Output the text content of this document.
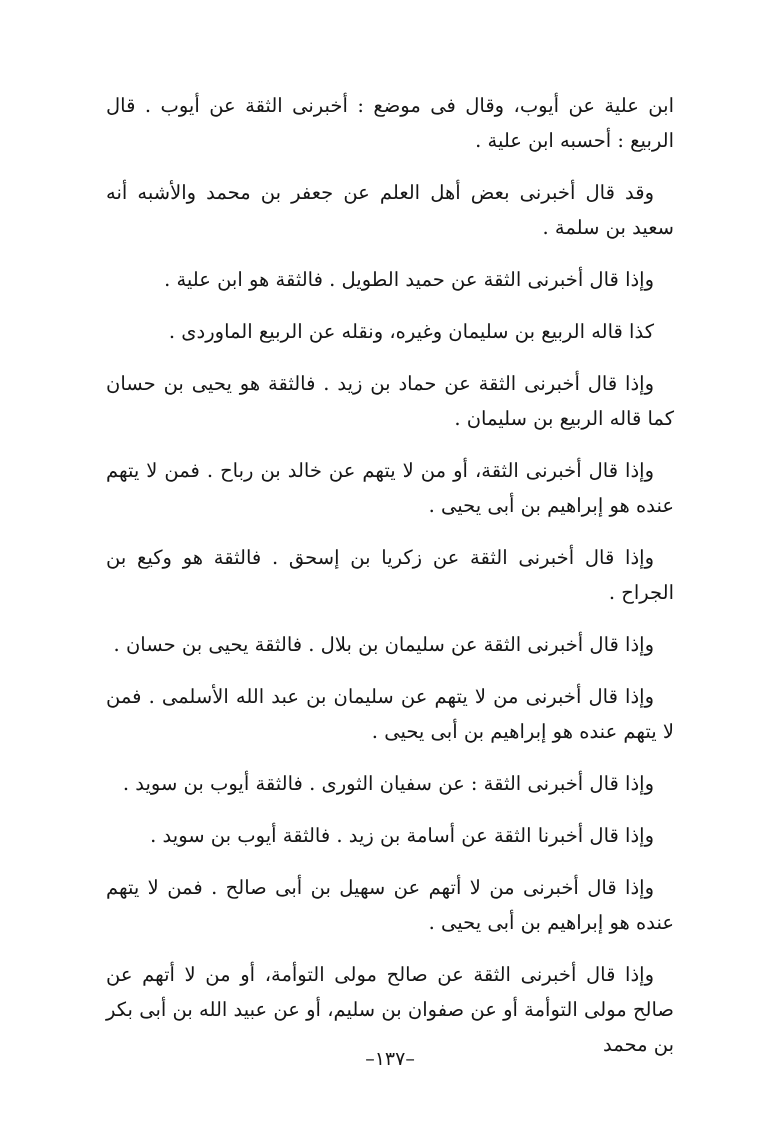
ابن علية عن أيوب، وقال فى موضع : أخبرنى الثقة عن أيوب . قال الربيع : أحسبه ابن علية .

وقد قال أخبرنى بعض أهل العلم عن جعفر بن محمد والأشبه أنه سعيد بن سلمة .

وإذا قال أخبرنى الثقة عن حميد الطويل . فالثقة هو ابن علية .

كذا قاله الربيع بن سليمان وغيره، ونقله عن الربيع الماوردى .

وإذا قال أخبرنى الثقة عن حماد بن زيد . فالثقة هو يحيى بن حسان كما قاله الربيع بن سليمان .

وإذا قال أخبرنى الثقة، أو من لا يتهم عن خالد بن رباح . فمن لا يتهم عنده هو إبراهيم بن أبى يحيى .

وإذا قال أخبرنى الثقة عن زكريا بن إسحق . فالثقة هو وكيع بن الجراح .

وإذا قال أخبرنى الثقة عن سليمان بن بلال . فالثقة يحيى بن حسان .

وإذا قال أخبرنى من لا يتهم عن سليمان بن عبد الله الأسلمى . فمن لا يتهم عنده هو إبراهيم بن أبى يحيى .

وإذا قال أخبرنى الثقة : عن سفيان الثورى . فالثقة أيوب بن سويد .

وإذا قال أخبرنا الثقة عن أسامة بن زيد . فالثقة أيوب بن سويد .

وإذا قال أخبرنى من لا أتهم عن سهيل بن أبى صالح . فمن لا يتهم عنده هو إبراهيم بن أبى يحيى .

وإذا قال أخبرنى الثقة عن صالح مولى التوأمة، أو من لا أتهم عن صالح مولى التوأمة أو عن صفوان بن سليم، أو عن عبيد الله بن أبى بكر بن محمد

–١٣٧–
